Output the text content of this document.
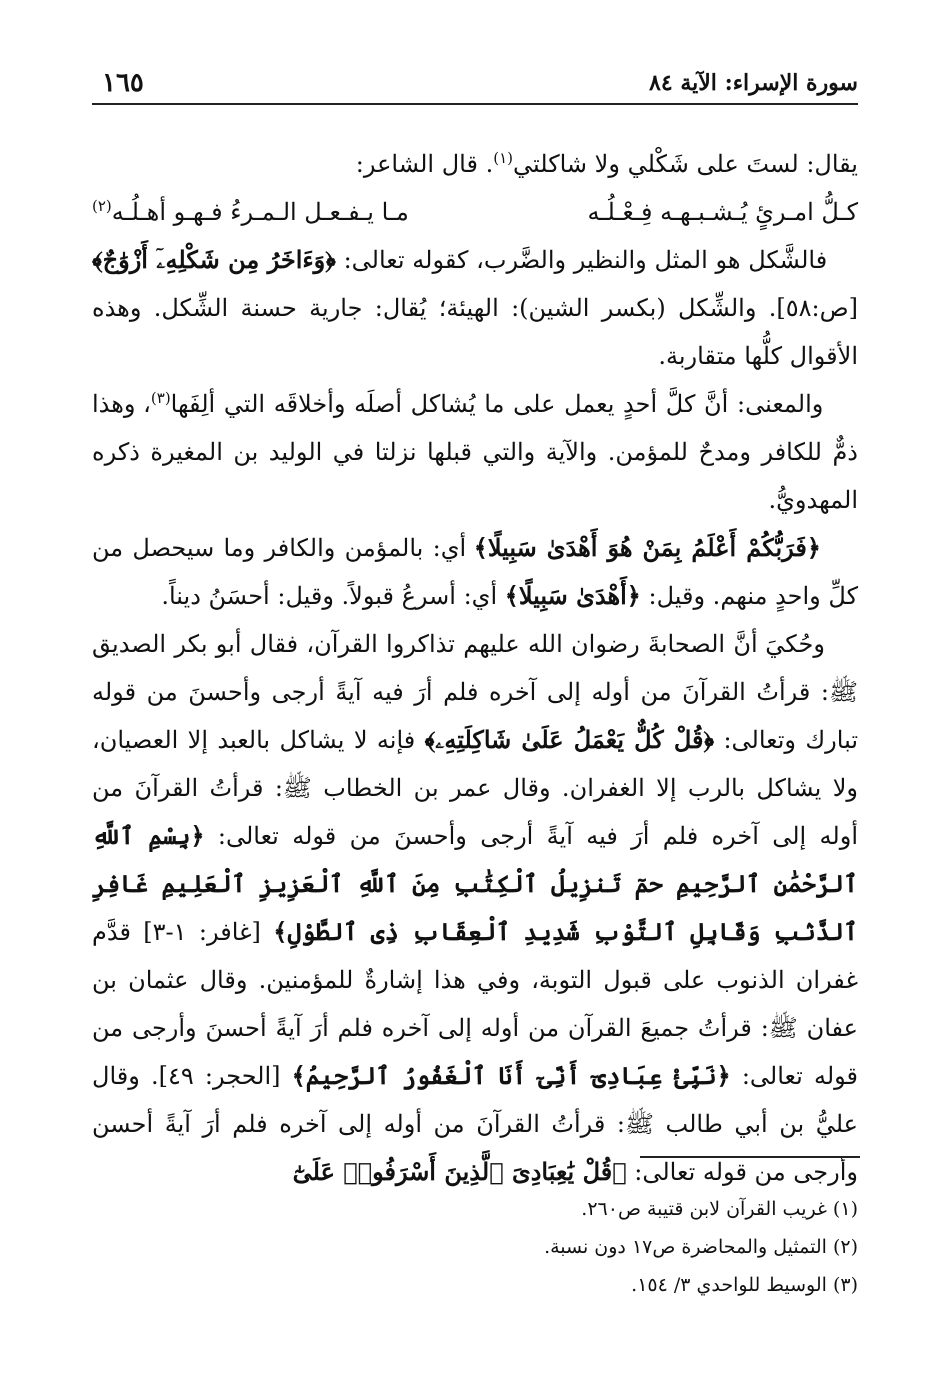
١٦٥	سورة الإسراء: الآية ٨٤

يقال: لستَ على شَكْلي ولا شاكلتي$^{(١)}$. قال الشاعر:

كـلُّ امـرئٍ يُـشـبـهـه فِـعْـلُـه
مـا يـفـعـل الـمـرءُ فـهـو أهـلُـه$^{(٢)}$

فالشَّكل هو المثل والنظير والضَّرب، كقوله تعالى: ﴿وَءَاخَرُ مِن شَكْلِهِۦٓ أَزْوَٰجٌ﴾ [ص:٥٨]. والشِّكل (بكسر الشين): الهيئة؛ يُقال: جارية حسنة الشِّكل. وهذه الأقوال كلُّها متقاربة.

والمعنى: أنَّ كلَّ أحدٍ يعمل على ما يُشاكل أصلَه وأخلاقَه التي ألِفَها$^{(٣)}$، وهذا ذمٌّ للكافر ومدحٌ للمؤمن. والآية والتي قبلها نزلتا في الوليد بن المغيرة ذكره المهدويُّ.

﴿فَرَبُّكُمْ أَعْلَمُ بِمَنْ هُوَ أَهْدَىٰ سَبِيلًا﴾ أي: بالمؤمن والكافر وما سيحصل من كلِّ واحدٍ منهم. وقيل: ﴿أَهْدَىٰ سَبِيلًا﴾ أي: أسرعُ قبولاً. وقيل: أحسَنُ ديناً.

وحُكيَ أنَّ الصحابةَ رضوان الله عليهم تذاكروا القرآن، فقال أبو بكر الصديق ﷺ: قرأتُ القرآنَ من أوله إلى آخره فلم أرَ فيه آيةً أرجى وأحسنَ من قوله تبارك وتعالى: ﴿قُلْ كُلٌّ يَعْمَلُ عَلَىٰ شَاكِلَتِهِۦ﴾ فإنه لا يشاكل بالعبد إلا العصيان، ولا يشاكل بالرب إلا الغفران. وقال عمر بن الخطاب ﷺ: قرأتُ القرآنَ من أوله إلى آخره فلم أرَ فيه آيةً أرجى وأحسنَ من قوله تعالى: ﴿بِسْمِ ٱللَّهِ ٱلرَّحْمَٰنِ ٱلرَّحِيمِ حمٓ تَنزِيلُ ٱلْكِتَٰبِ مِنَ ٱللَّهِ ٱلْعَزِيزِ ٱلْعَلِيمِ غَافِرِ ٱلذَّنۢبِ وَقَابِلِ ٱلتَّوْبِ شَدِيدِ ٱلْعِقَابِ ذِى ٱلطَّوْلِ﴾ [غافر: ١-٣] قدَّم غفران الذنوب على قبول التوبة، وفي هذا إشارةٌ للمؤمنين. وقال عثمان بن عفان ﷺ: قرأتُ جميعَ القرآن من أوله إلى آخره فلم أرَ آيةً أحسنَ وأرجى من قوله تعالى: ﴿نَبِّئْ عِبَادِىٓ أَنِّىٓ أَنَا ٱلْغَفُورُ ٱلرَّحِيمُ﴾ [الحجر: ٤٩]. وقال عليُّ بن أبي طالب ﷺ: قرأتُ القرآنَ من أوله إلى آخره فلم أرَ آيةً أحسن وأرجى من قوله تعالى: ﴿قُلْ يَٰعِبَادِىَ ٱلَّذِينَ أَسْرَفُوا۟ عَلَىٰٓ

(١) غريب القرآن لابن قتيبة ص٢٦٠.
(٢) التمثيل والمحاضرة ص١٧ دون نسبة.
(٣) الوسيط للواحدي ٣/ ١٥٤.
